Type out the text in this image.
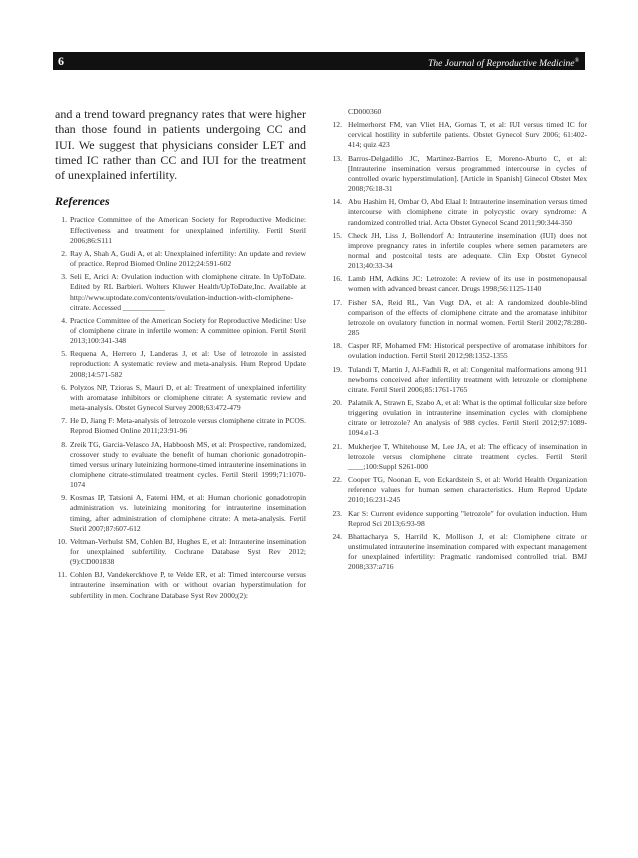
6	The Journal of Reproductive Medicine®

and a trend toward pregnancy rates that were higher than those found in patients undergoing CC and IUI. We suggest that physicians consider LET and timed IC rather than CC and IUI for the treatment of unexplained infertility.

References
1. Practice Committee of the American Society for Reproductive Medicine: Effectiveness and treatment for unexplained infertility. Fertil Steril 2006;86:S111
2. Ray A, Shah A, Gudi A, et al: Unexplained infertility: An update and review of practice. Reprod Biomed Online 2012;24:591-602
3. Seli E, Arici A: Ovulation induction with clomiphene citrate. In UpToDate. Edited by RL Barbieri. Wolters Kluwer Health/UpToDate,Inc. Available at http://www.uptodate.com/contents/ovulation-induction-with-clomiphene-citrate. Accessed ___________
4. Practice Committee of the American Society for Reproductive Medicine: Use of clomiphene citrate in infertile women: A committee opinion. Fertil Steril 2013;100:341-348
5. Requena A, Herrero J, Landeras J, et al: Use of letrozole in assisted reproduction: A systematic review and meta-analysis. Hum Reprod Update 2008;14:571-582
6. Polyzos NP, Tzioras S, Mauri D, et al: Treatment of unexplained infertility with aromatase inhibitors or clomiphene citrate: A systematic review and meta-analysis. Obstet Gynecol Survey 2008;63:472-479
7. He D, Jiang F: Meta-analysis of letrozole versus clomiphene citrate in PCOS. Reprod Biomed Online 2011;23:91-96
8. Zreik TG, Garcia-Velasco JA, Habboosh MS, et al: Prospective, randomized, crossover study to evaluate the benefit of human chorionic gonadotropin-timed versus urinary luteinizing hormone-timed intrauterine inseminations in clomiphene citrate-stimulated treatment cycles. Fertil Steril 1999;71:1070-1074
9. Kosmas IP, Tatsioni A, Fatemi HM, et al: Human chorionic gonadotropin administration vs. luteinizing monitoring for intrauterine insemination timing, after administration of clomiphene citrate: A meta-analysis. Fertil Steril 2007;87:607-612
10. Veltman-Verhulst SM, Cohlen BJ, Hughes E, et al: Intrauterine insemination for unexplained subfertility. Cochrane Database Syst Rev 2012;(9):CD001838
11. Cohlen BJ, Vandekerckhove P, te Velde ER, et al: Timed intercourse versus intrauterine insemination with or without ovarian hyperstimulation for subfertility in men. Cochrane Database Syst Rev 2000;(2):
CD000360
12. Helmerhorst FM, van Vliet HA, Gornas T, et al: IUI versus timed IC for cervical hostility in subfertile patients. Obstet Gynecol Surv 2006; 61:402-414; quiz 423
13. Barros-Delgadillo JC, Martinez-Barrios E, Moreno-Aburto C, et al: [Intrauterine insemination versus programmed intercourse in cycles of controlled ovaric hyperstimulation]. [Article in Spanish] Ginecol Obstet Mex 2008;76:18-31
14. Abu Hashim H, Ombar O, Abd Elaal I: Intrauterine insemination versus timed intercourse with clomiphene citrate in polycystic ovary syndrome: A randomized controlled trial. Acta Obstet Gynecol Scand 2011;90:344-350
15. Check JH, Liss J, Bollendorf A: Intrauterine insemination (IUI) does not improve pregnancy rates in infertile couples where semen parameters are normal and postcoital tests are adequate. Clin Exp Obstet Gynecol 2013;40:33-34
16. Lamb HM, Adkins JC: Letrozole: A review of its use in postmenopausal women with advanced breast cancer. Drugs 1998;56:1125-1140
17. Fisher SA, Reid RL, Van Vugt DA, et al: A randomized double-blind comparison of the effects of clomiphene citrate and the aromatase inhibitor letrozole on ovulatory function in normal women. Fertil Steril 2002;78:280-285
18. Casper RF, Mohamed FM: Historical perspective of aromatase inhibitors for ovulation induction. Fertil Steril 2012;98:1352-1355
19. Tulandi T, Martin J, Al-Fadhli R, et al: Congenital malformations among 911 newborns conceived after infertility treatment with letrozole or clomiphene citrate. Fertil Steril 2006;85:1761-1765
20. Palatnik A, Strawn E, Szabo A, et al: What is the optimal follicular size before triggering ovulation in intrauterine insemination cycles with clomiphene citrate or letrozole? An analysis of 988 cycles. Fertil Steril 2012;97:1089-1094.e1-3
21. Mukherjee T, Whitehouse M, Lee JA, et al: The efficacy of insemination in letrozole versus clomiphene citrate treatment cycles. Fertil Steril ____;100:Suppl S261-000
22. Cooper TG, Noonan E, von Eckardstein S, et al: World Health Organization reference values for human semen characteristics. Hum Reprod Update 2010;16:231-245
23. Kar S: Current evidence supporting "letrozole" for ovulation induction. Hum Reprod Sci 2013;6:93-98
24. Bhattacharya S, Harrild K, Mollison J, et al: Clomiphene citrate or unstimulated intrauterine insemination compared with expectant management for unexplained infertility: Pragmatic randomised controlled trial. BMJ 2008;337:a716
